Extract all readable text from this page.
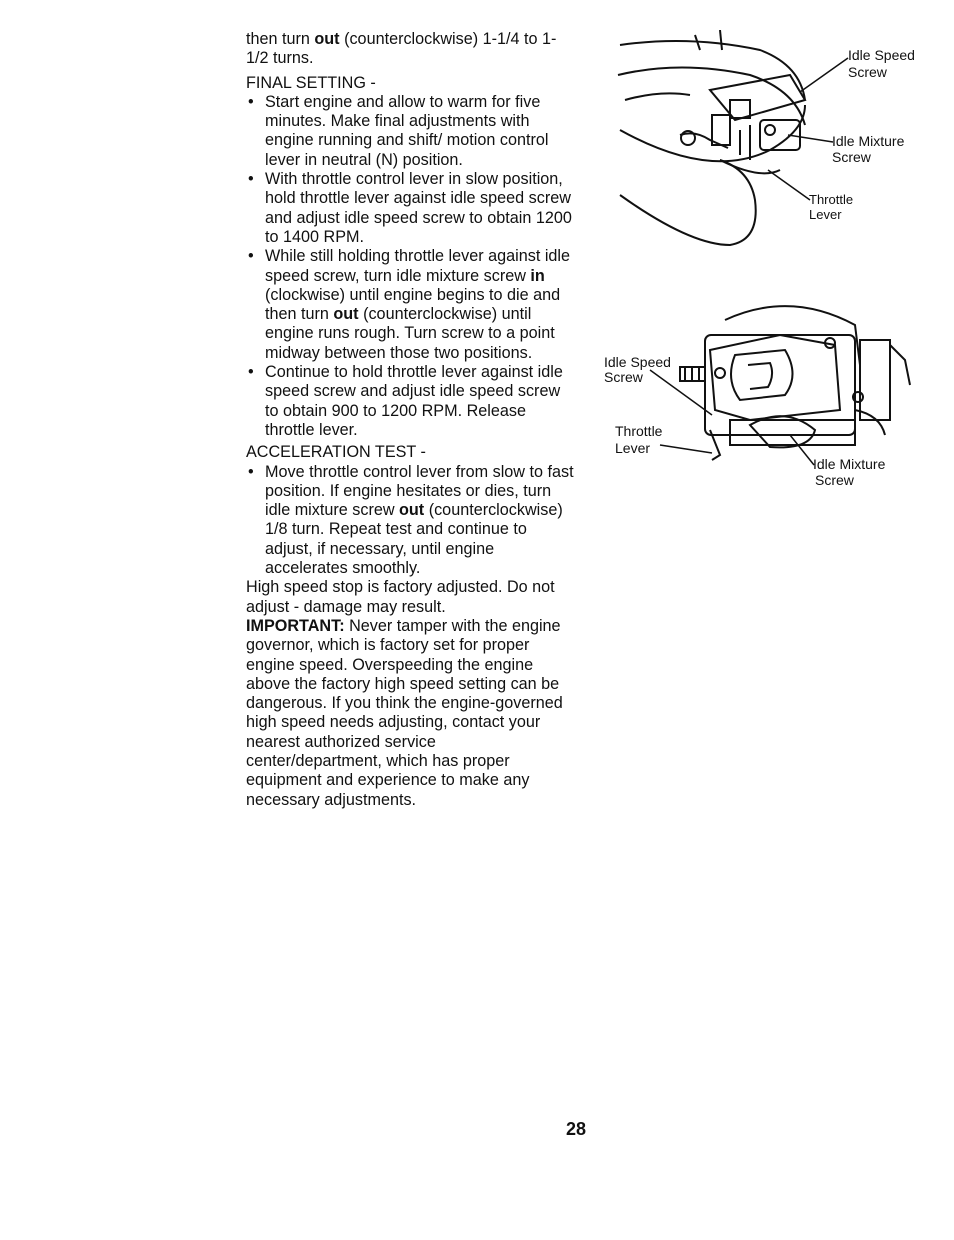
then turn out (counterclockwise) 1-1/4 to 1-1/2 turns.

FINAL SETTING -

• Start engine and allow to warm for five minutes. Make final adjustments with engine running and shift/ motion control lever in neutral (N) position.
• With throttle control lever in slow position, hold throttle lever against idle speed screw and adjust idle speed screw to obtain 1200 to 1400 RPM.
• While still holding throttle lever against idle speed screw, turn idle mixture screw in (clockwise) until engine begins to die and then turn out (counterclockwise) until engine runs rough. Turn screw to a point midway between those two positions.
• Continue to hold throttle lever against idle speed screw and adjust idle speed screw to obtain 900 to 1200 RPM. Release throttle lever.

ACCELERATION TEST -

• Move throttle control lever from slow to fast position. If engine hesitates or dies, turn idle mixture screw out (counterclockwise) 1/8 turn. Repeat test and continue to adjust, if necessary, until engine accelerates smoothly.

High speed stop is factory adjusted. Do not adjust - damage may result.

IMPORTANT: Never tamper with the engine governor, which is factory set for proper engine speed. Overspeeding the engine above the factory high speed setting can be dangerous. If you think the engine-governed high speed needs adjusting, contact your nearest authorized service center/department, which has proper equipment and experience to make any necessary adjustments.

Idle Speed
Screw
Idle Mixture
Screw
Throttle
Lever
Idle Speed
Screw
Throttle
Lever
Idle Mixture
Screw
28
